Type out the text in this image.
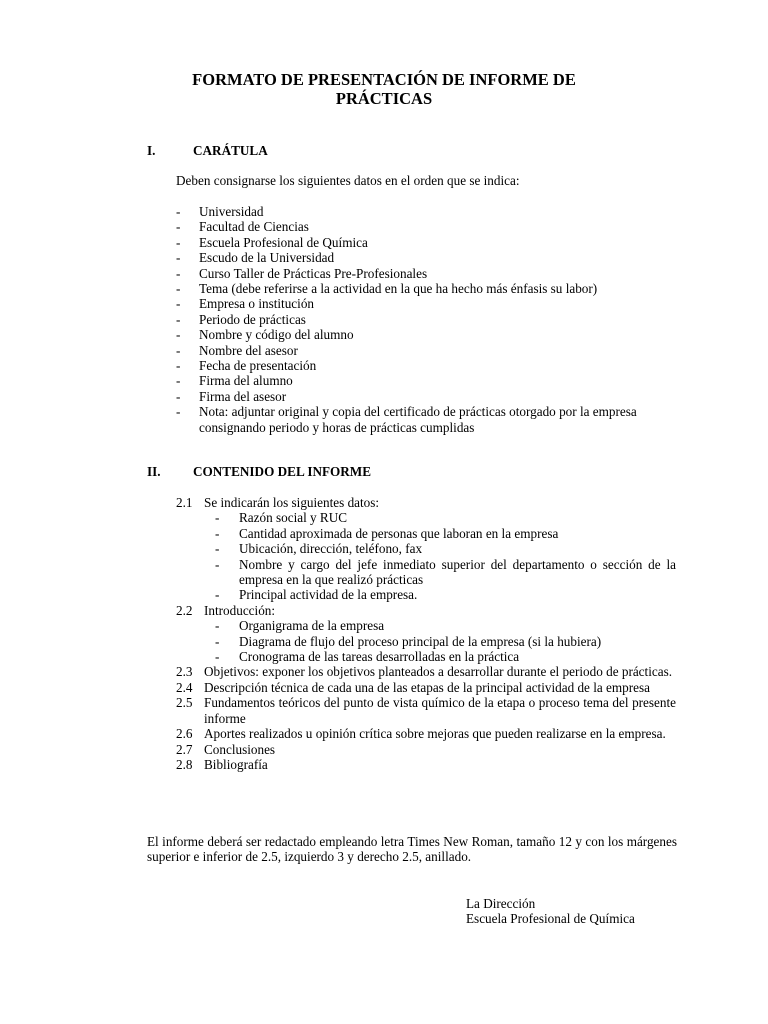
FORMATO DE PRESENTACIÓN DE INFORME DE
PRÁCTICAS
I.	CARÁTULA
Deben consignarse los siguientes datos en el orden que se indica:
- Universidad
- Facultad de Ciencias
- Escuela Profesional de Química
- Escudo de la Universidad
- Curso Taller de Prácticas Pre-Profesionales
- Tema (debe referirse a la actividad en la que ha hecho más énfasis su labor)
- Empresa o institución
- Periodo de prácticas
- Nombre y código del alumno
- Nombre del asesor
- Fecha de presentación
- Firma del alumno
- Firma del asesor
- Nota: adjuntar original y copia del certificado de prácticas otorgado por la empresa consignando periodo y horas de prácticas cumplidas
II. CONTENIDO DEL INFORME
2.1 Se indicarán los siguientes datos:
- Razón social y RUC
- Cantidad aproximada de personas que laboran en la empresa
- Ubicación, dirección, teléfono, fax
- Nombre y cargo del jefe inmediato superior del departamento o sección de la empresa en la que realizó prácticas
- Principal actividad de la empresa.
2.2 Introducción:
- Organigrama de la empresa
- Diagrama de flujo del proceso principal de la empresa (si la hubiera)
- Cronograma de las tareas desarrolladas en la práctica
2.3 Objetivos: exponer los objetivos planteados a desarrollar durante el periodo de prácticas.
2.4 Descripción técnica de cada una de las etapas de la principal actividad de la empresa
2.5 Fundamentos teóricos del punto de vista químico de la etapa o proceso tema del presente informe
2.6 Aportes realizados u opinión crítica sobre mejoras que pueden realizarse en la empresa.
2.7 Conclusiones
2.8 Bibliografía
El informe deberá ser redactado empleando letra Times New Roman, tamaño 12 y con los márgenes superior e inferior de 2.5, izquierdo 3 y derecho 2.5, anillado.
La Dirección
Escuela Profesional de Química
